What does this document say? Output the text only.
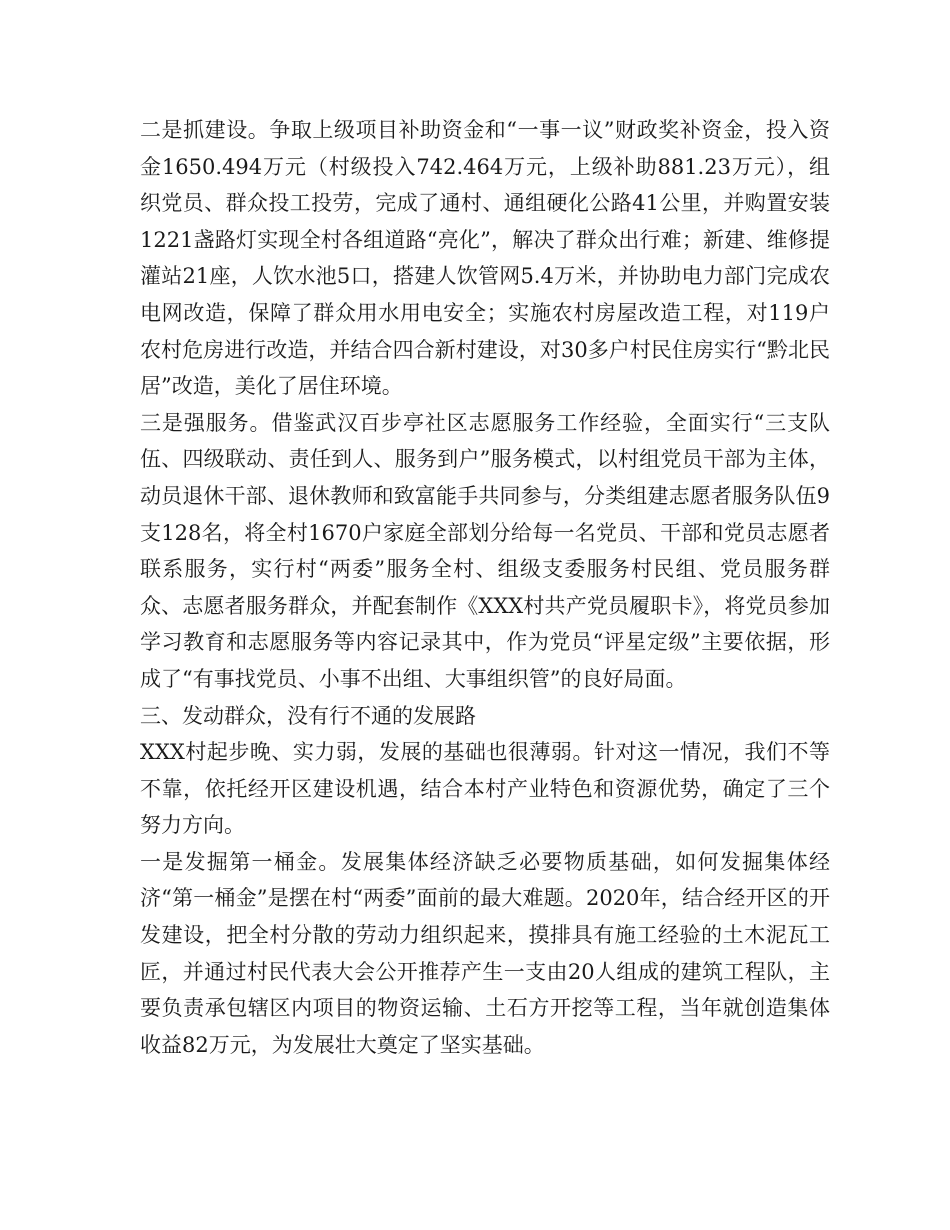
二是抓建设。争取上级项目补助资金和“一事一议”财政奖补资金，投入资金1650.494万元（村级投入742.464万元，上级补助881.23万元），组织党员、群众投工投劳，完成了通村、通组硬化公路41公里，并购置安装1221盏路灯实现全村各组道路“亮化”，解决了群众出行难；新建、维修提灌站21座，人饮水池5口，搭建人饮管网5.4万米，并协助电力部门完成农电网改造，保障了群众用水用电安全；实施农村房屋改造工程，对119户农村危房进行改造，并结合四合新村建设，对30多户村民住房实行“黔北民居”改造，美化了居住环境。

三是强服务。借鉴武汉百步亭社区志愿服务工作经验，全面实行“三支队伍、四级联动、责任到人、服务到户”服务模式，以村组党员干部为主体，动员退休干部、退休教师和致富能手共同参与，分类组建志愿者服务队伍9支128名，将全村1670户家庭全部划分给每一名党员、干部和党员志愿者联系服务，实行村“两委”服务全村、组级支委服务村民组、党员服务群众、志愿者服务群众，并配套制作《XXX村共产党员履职卡》，将党员参加学习教育和志愿服务等内容记录其中，作为党员“评星定级”主要依据，形成了“有事找党员、小事不出组、大事组织管”的良好局面。

三、发动群众，没有行不通的发展路

XXX村起步晚、实力弱，发展的基础也很薄弱。针对这一情况，我们不等不靠，依托经开区建设机遇，结合本村产业特色和资源优势，确定了三个努力方向。

一是发掘第一桶金。发展集体经济缺乏必要物质基础，如何发掘集体经济“第一桶金”是摆在村“两委”面前的最大难题。2020年，结合经开区的开发建设，把全村分散的劳动力组织起来，摸排具有施工经验的土木泥瓦工匠，并通过村民代表大会公开推荐产生一支由20人组成的建筑工程队，主要负责承包辖区内项目的物资运输、土石方开挖等工程，当年就创造集体收益82万元，为发展壮大奠定了坚实基础。
